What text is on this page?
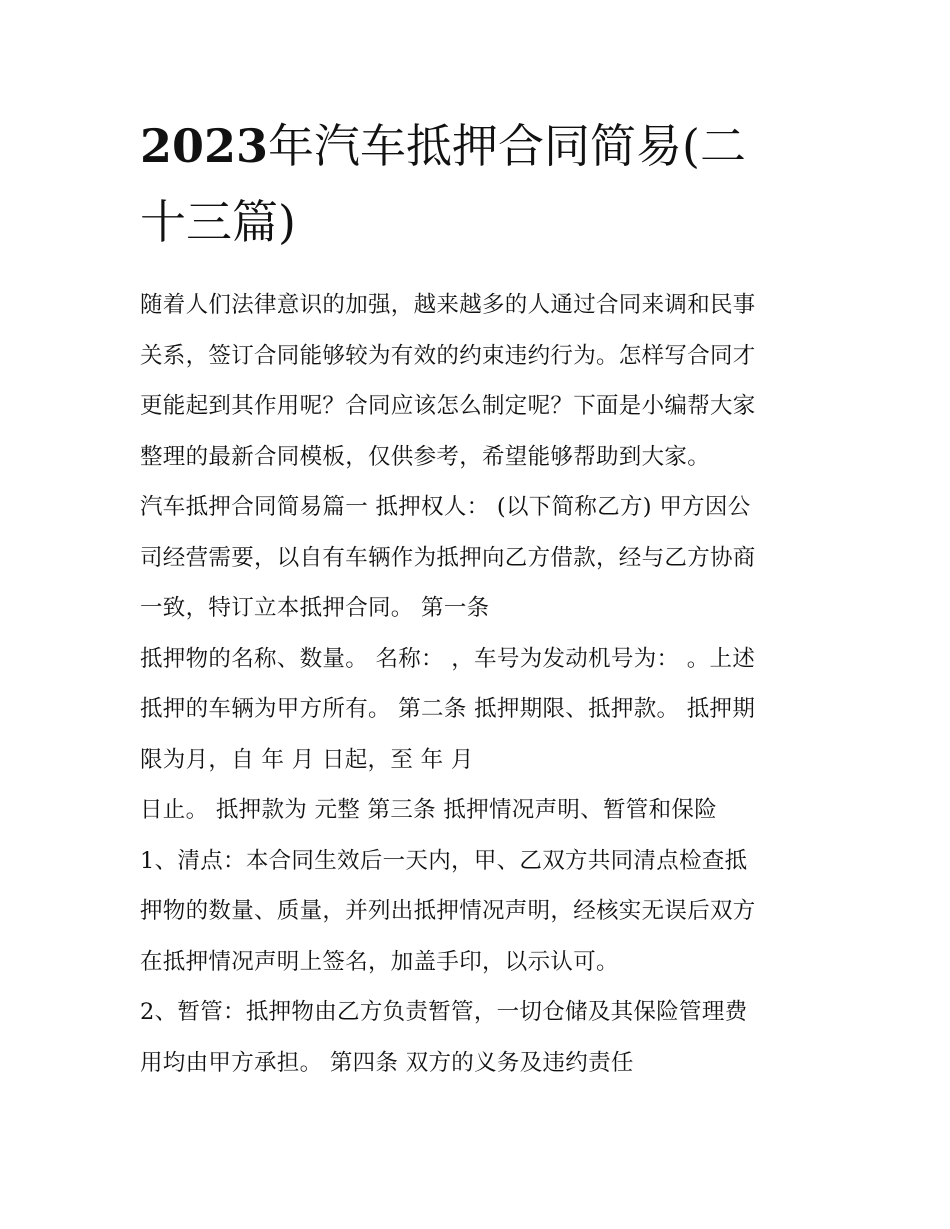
2023年汽车抵押合同简易(二
十三篇)
随着人们法律意识的加强，越来越多的人通过合同来调和民事
关系，签订合同能够较为有效的约束违约行为。怎样写合同才
更能起到其作用呢？合同应该怎么制定呢？下面是小编帮大家
整理的最新合同模板，仅供参考，希望能够帮助到大家。
汽车抵押合同简易篇一 抵押权人： (以下简称乙方) 甲方因公
司经营需要，以自有车辆作为抵押向乙方借款，经与乙方协商
一致，特订立本抵押合同。 第一条
抵押物的名称、数量。 名称： ，车号为发动机号为： 。上述
抵押的车辆为甲方所有。 第二条 抵押期限、抵押款。 抵押期
限为月，自 年 月 日起，至 年 月
日止。 抵押款为 元整 第三条 抵押情况声明、暂管和保险
1、清点：本合同生效后一天内，甲、乙双方共同清点检查抵
押物的数量、质量，并列出抵押情况声明，经核实无误后双方
在抵押情况声明上签名，加盖手印，以示认可。
2、暂管：抵押物由乙方负责暂管，一切仓储及其保险管理费
用均由甲方承担。 第四条 双方的义务及违约责任
